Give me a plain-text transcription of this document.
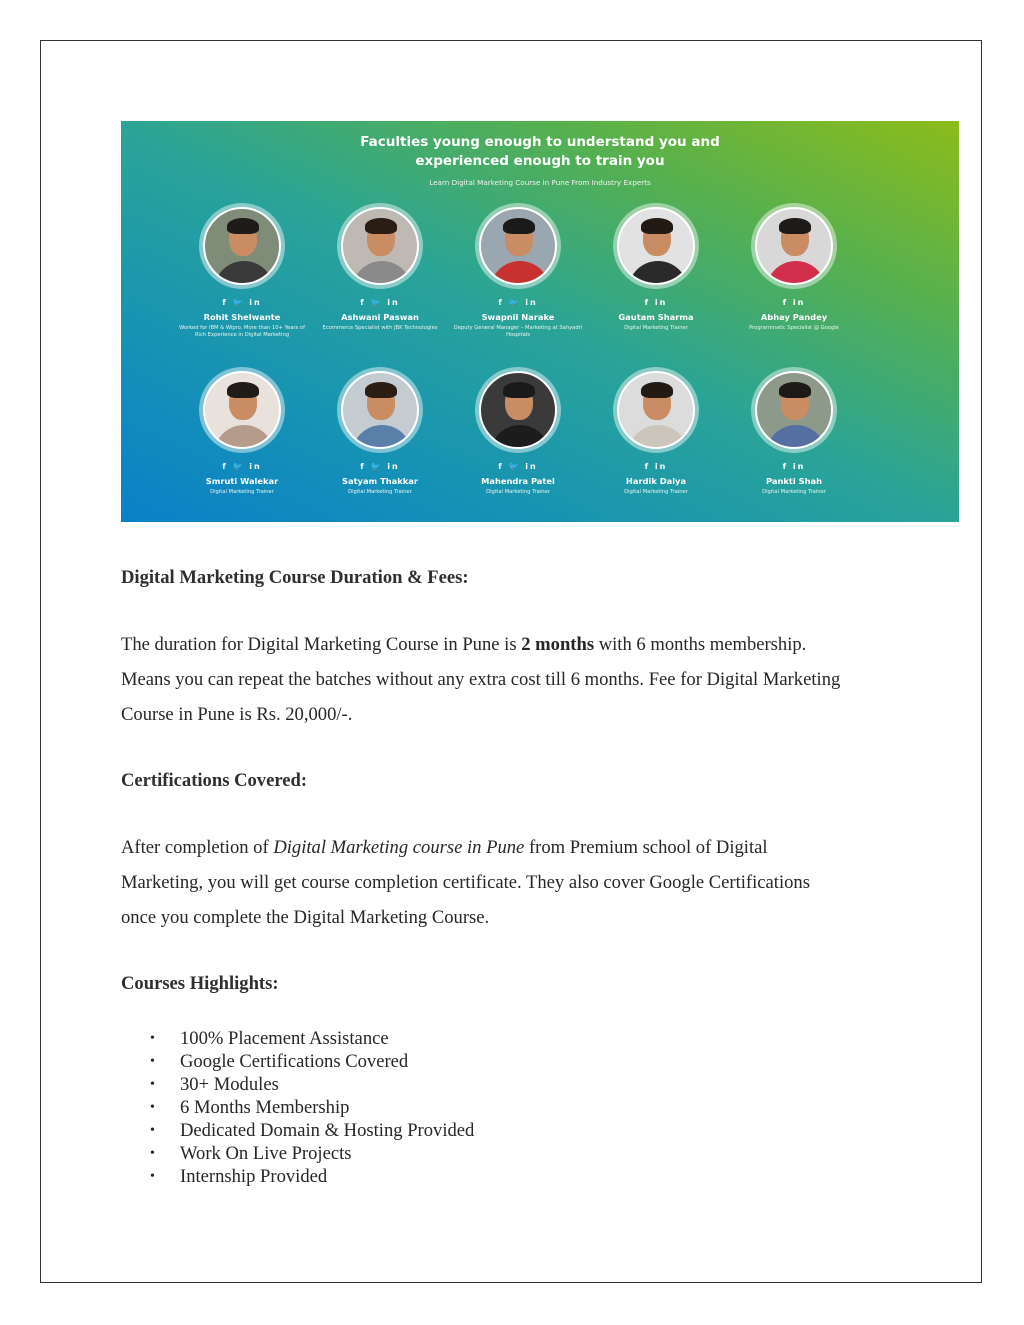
Faculties young enough to understand you and
experienced enough to train you
Learn Digital Marketing Course in Pune From Industry Experts
f 🐦 in
Rohit Shelwante
Worked for IBM & Wipro. More than 10+ Years of Rich Experience in Digital Marketing
f 🐦 in
Ashwani Paswan
Ecommerce Specialist with JBK Technologies
f 🐦 in
Swapnil Narake
Deputy General Manager – Marketing at Sahyadri Hospitals
f in
Gautam Sharma
Digital Marketing Trainer
f in
Abhay Pandey
Programmatic Specialist @ Google
f 🐦 in
Smruti Walekar
Digital Marketing Trainer
f 🐦 in
Satyam Thakkar
Digital Marketing Trainer
f 🐦 in
Mahendra Patel
Digital Marketing Trainer
f in
Hardik Daiya
Digital Marketing Trainer
f in
Pankti Shah
Digital Marketing Trainer
Digital Marketing Course Duration & Fees:

The duration for Digital Marketing Course in Pune is 2 months with 6 months membership.

Means you can repeat the batches without any extra cost till 6 months. Fee for Digital Marketing

Course in Pune is Rs. 20,000/-.

Certifications Covered:

After completion of Digital Marketing course in Pune from Premium school of Digital

Marketing, you will get course completion certificate. They also cover Google Certifications

once you complete the Digital Marketing Course.

Courses Highlights:
• 100% Placement Assistance
• Google Certifications Covered
• 30+ Modules
• 6 Months Membership
• Dedicated Domain & Hosting Provided
• Work On Live Projects
• Internship Provided
